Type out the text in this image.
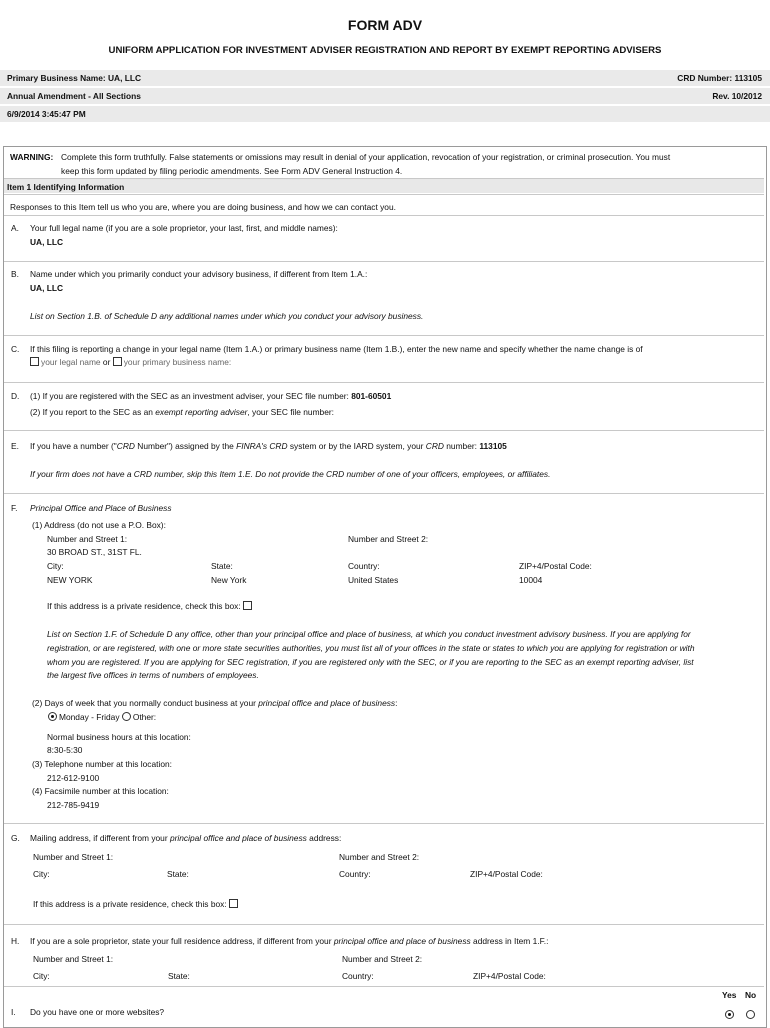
FORM ADV
UNIFORM APPLICATION FOR INVESTMENT ADVISER REGISTRATION AND REPORT BY EXEMPT REPORTING ADVISERS
Primary Business Name: UA, LLC	CRD Number: 113105
Annual Amendment - All Sections	Rev. 10/2012
6/9/2014 3:45:47 PM
WARNING: Complete this form truthfully. False statements or omissions may result in denial of your application, revocation of your registration, or criminal prosecution. You must
keep this form updated by filing periodic amendments. See Form ADV General Instruction 4.
Item 1 Identifying Information
Responses to this Item tell us who you are, where you are doing business, and how we can contact you.
A. Your full legal name (if you are a sole proprietor, your last, first, and middle names):
UA, LLC
B. Name under which you primarily conduct your advisory business, if different from Item 1.A.:
UA, LLC
List on Section 1.B. of Schedule D any additional names under which you conduct your advisory business.
C. If this filing is reporting a change in your legal name (Item 1.A.) or primary business name (Item 1.B.), enter the new name and specify whether the name change is of
your legal name or your primary business name:
D. (1) If you are registered with the SEC as an investment adviser, your SEC file number: 801-60501
(2) If you report to the SEC as an exempt reporting adviser, your SEC file number:
E. If you have a number ("CRD Number") assigned by the FINRA's CRD system or by the IARD system, your CRD number: 113105
If your firm does not have a CRD number, skip this Item 1.E. Do not provide the CRD number of one of your officers, employees, or affiliates.
F. Principal Office and Place of Business
(1) Address (do not use a P.O. Box):
Number and Street 1:	Number and Street 2:
30 BROAD ST., 31ST FL.
City:	State:	Country:	ZIP+4/Postal Code:
NEW YORK	New York	United States	10004
If this address is a private residence, check this box:
List on Section 1.F. of Schedule D any office, other than your principal office and place of business, at which you conduct investment advisory business. If you are applying for
registration, or are registered, with one or more state securities authorities, you must list all of your offices in the state or states to which you are applying for registration or with
whom you are registered. If you are applying for SEC registration, if you are registered only with the SEC, or if you are reporting to the SEC as an exempt reporting adviser, list
the largest five offices in terms of numbers of employees.
(2) Days of week that you normally conduct business at your principal office and place of business:
Monday - Friday Other:
Normal business hours at this location:
8:30-5:30
(3) Telephone number at this location:
212-612-9100
(4) Facsimile number at this location:
212-785-9419
G. Mailing address, if different from your principal office and place of business address:
Number and Street 1:	Number and Street 2:
City:	State:	Country:	ZIP+4/Postal Code:
If this address is a private residence, check this box:
H. If you are a sole proprietor, state your full residence address, if different from your principal office and place of business address in Item 1.F.:
Number and Street 1:	Number and Street 2:
City:	State:	Country:	ZIP+4/Postal Code:
Yes No
I. Do you have one or more websites?
